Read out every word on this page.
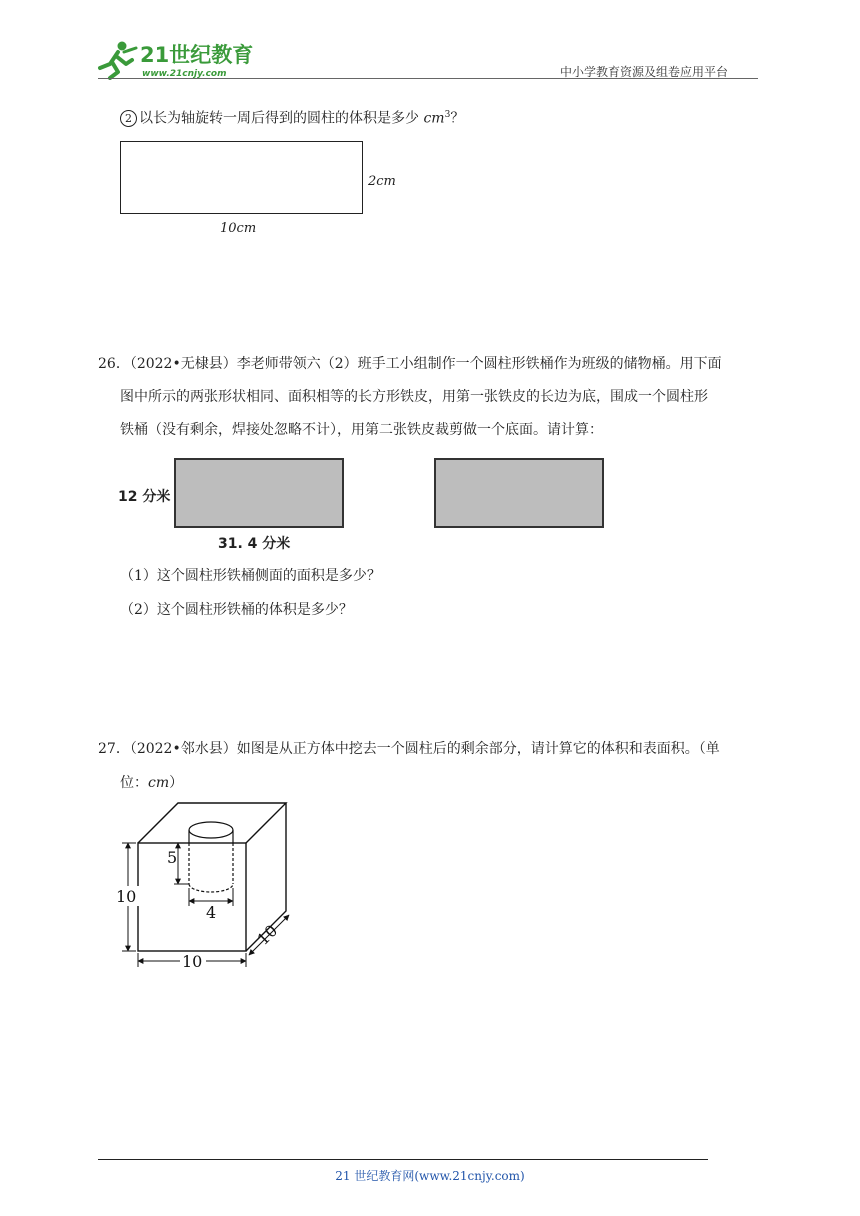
21世纪教育
www.21cnjy.com	中小学教育资源及组卷应用平台
2 以长为轴旋转一周后得到的圆柱的体积是多少 $cm^3$？
2cm
10cm
26．（2022•无棣县）李老师带领六（2）班手工小组制作一个圆柱形铁桶作为班级的储物桶。用下面
图中所示的两张形状相同、面积相等的长方形铁皮，用第一张铁皮的长边为底，围成一个圆柱形
铁桶（没有剩余，焊接处忽略不计），用第二张铁皮裁剪做一个底面。请计算：
12 分米
31. 4 分米
（1）这个圆柱形铁桶侧面的面积是多少？
（2）这个圆柱形铁桶的体积是多少？
27．（2022•邻水县）如图是从正方体中挖去一个圆柱后的剩余部分，请计算它的体积和表面积。（单
位：cm）
5
4
10
10
10
21 世纪教育网(www.21cnjy.com)
